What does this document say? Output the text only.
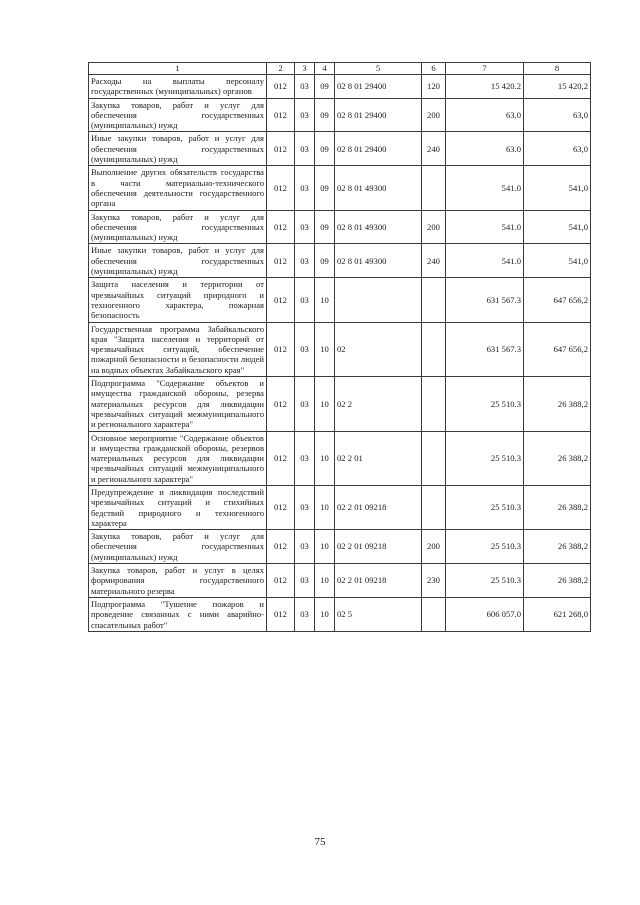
1	2	3	4	5	6	7	8
Расходы на выплаты персоналу государственных (муниципальных) органов	012	03	09	02 8 01 29400	120	15 420.2	15 420,2
Закупка товаров, работ и услуг для обеспечения государственных (муниципальных) нужд	012	03	09	02 8 01 29400	200	63.0	63,0
Иные закупки товаров, работ и услуг для обеспечения государственных (муниципальных) нужд	012	03	09	02 8 01 29400	240	63.0	63,0
Выполнение других обязательств государства в части материально-технического обеспечения деятельности государственного органа	012	03	09	02 8 01 49300		541.0	541,0
Закупка товаров, работ и услуг для обеспечения государственных (муниципальных) нужд	012	03	09	02 8 01 49300	200	541.0	541,0
Иные закупки товаров, работ и услуг для обеспечения государственных (муниципальных) нужд	012	03	09	02 8 01 49300	240	541.0	541,0
Защита населения и территории от чрезвычайных ситуаций природного и техногенного характера, пожарная безопасность	012	03	10			631 567.3	647 656,2
Государственная программа Забайкальского края "Защита населения и территорий от чрезвычайных ситуаций, обеспечение пожарной безопасности и безопасности людей на водных объектах Забайкальского края"	012	03	10	02		631 567.3	647 656,2
Подпрограмма "Содержание объектов и имущества гражданской обороны, резерва материальных ресурсов для ликвидации чрезвычайных ситуаций межмуниципального и регионального характера"	012	03	10	02 2		25 510.3	26 388,2
Основное мероприятие "Содержание объектов и имущества гражданской обороны, резервов материальных ресурсов для ликвидации чрезвычайных ситуаций межмуниципального и регионального характера"	012	03	10	02 2 01		25 510.3	26 388,2
Предупреждение и ликвидация последствий чрезвычайных ситуаций и стихийных бедствий природного и техногенного характера	012	03	10	02 2 01 09218		25 510.3	26 388,2
Закупка товаров, работ и услуг для обеспечения государственных (муниципальных) нужд	012	03	10	02 2 01 09218	200	25 510.3	26 388,2
Закупка товаров, работ и услуг в целях формирования государственного материального резерва	012	03	10	02 2 01 09218	230	25 510.3	26 388,2
Подпрограмма "Тушение пожаров и проведение связанных с ними аварийно-спасательных работ"	012	03	10	02 5		606 057.0	621 268,0
75
